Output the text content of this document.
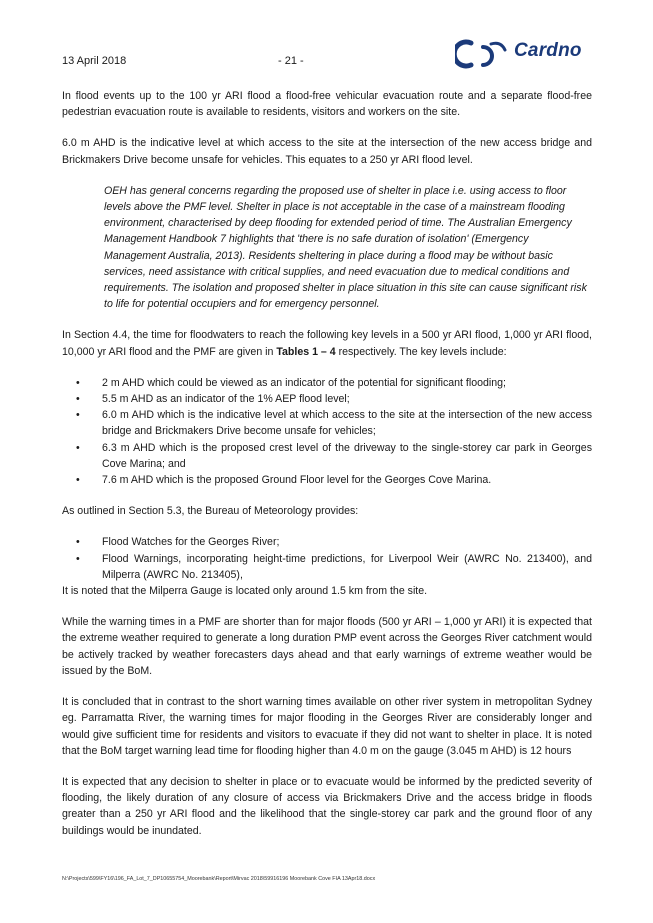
13 April 2018	- 21 -	Cardno

In flood events up to the 100 yr ARI flood a flood-free vehicular evacuation route and a separate flood-free pedestrian evacuation route is available to residents, visitors and workers on the site.

6.0 m AHD is the indicative level at which access to the site at the intersection of the new access bridge and Brickmakers Drive become unsafe for vehicles. This equates to a 250 yr ARI flood level.

OEH has general concerns regarding the proposed use of shelter in place i.e. using access to floor levels above the PMF level. Shelter in place is not acceptable in the case of a mainstream flooding environment, characterised by deep flooding for extended period of time. The Australian Emergency Management Handbook 7 highlights that 'there is no safe duration of isolation' (Emergency Management Australia, 2013). Residents sheltering in place during a flood may be without basic services, need assistance with critical supplies, and need evacuation due to medical conditions and requirements. The isolation and proposed shelter in place situation in this site can cause significant risk to life for potential occupiers and for emergency personnel.

In Section 4.4, the time for floodwaters to reach the following key levels in a 500 yr ARI flood, 1,000 yr ARI flood, 10,000 yr ARI flood and the PMF are given in Tables 1 – 4 respectively. The key levels include:

• 2 m AHD which could be viewed as an indicator of the potential for significant flooding;
• 5.5 m AHD as an indicator of the 1% AEP flood level;
• 6.0 m AHD which is the indicative level at which access to the site at the intersection of the new access bridge and Brickmakers Drive become unsafe for vehicles;
• 6.3 m AHD which is the proposed crest level of the driveway to the single-storey car park in Georges Cove Marina; and
• 7.6 m AHD which is the proposed Ground Floor level for the Georges Cove Marina.

As outlined in Section 5.3, the Bureau of Meteorology provides:

• Flood Watches for the Georges River;
• Flood Warnings, incorporating height-time predictions, for Liverpool Weir (AWRC No. 213400), and Milperra (AWRC No. 213405),

It is noted that the Milperra Gauge is located only around 1.5 km from the site.

While the warning times in a PMF are shorter than for major floods (500 yr ARI – 1,000 yr ARI) it is expected that the extreme weather required to generate a long duration PMP event across the Georges River catchment would be actively tracked by weather forecasters days ahead and that early warnings of extreme weather would be issued by the BoM.

It is concluded that in contrast to the short warning times available on other river system in metropolitan Sydney eg. Parramatta River, the warning times for major flooding in the Georges River are considerably longer and would give sufficient time for residents and visitors to evacuate if they did not want to shelter in place. It is noted that the BoM target warning lead time for flooding higher than 4.0 m on the gauge (3.045 m AHD) is 12 hours

It is expected that any decision to shelter in place or to evacuate would be informed by the predicted severity of flooding, the likely duration of any closure of access via Brickmakers Drive and the access bridge in floods greater than a 250 yr ARI flood and the likelihood that the single-storey car park and the ground floor of any buildings would be inundated.

N:\Projects\599\FY16\196_FA_Lot_7_DP10655754_Moorebank\Report\Mirvac 2018\59916196 Moorebank Cove FIA 13Apr18.docx
